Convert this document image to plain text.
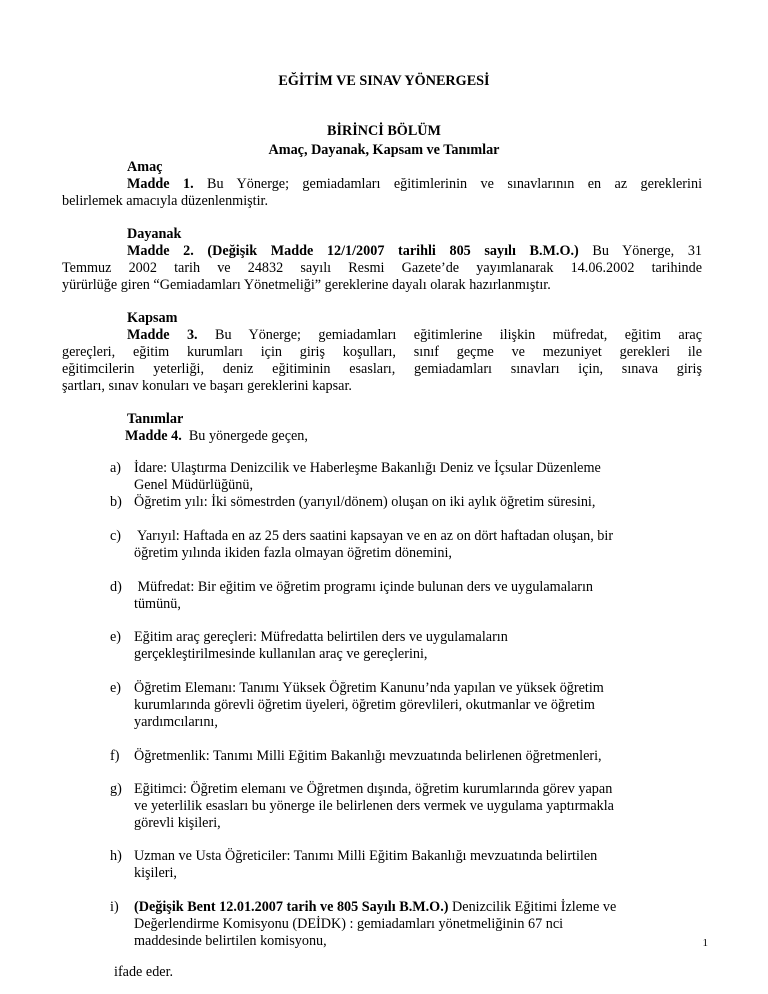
EĞİTİM VE SINAV YÖNERGESİ
BİRİNCİ BÖLÜM
Amaç, Dayanak, Kapsam ve Tanımlar
Amaç
Madde 1. Bu Yönerge; gemiadamları eğitimlerinin ve sınavlarının en az gereklerini
belirlemek amacıyla düzenlenmiştir.
Dayanak
Madde 2. (Değişik Madde 12/1/2007 tarihli 805 sayılı B.M.O.) Bu Yönerge, 31
Temmuz 2002 tarih ve 24832 sayılı Resmi Gazete’de yayımlanarak 14.06.2002 tarihinde
yürürlüğe giren “Gemiadamları Yönetmeliği” gereklerine dayalı olarak hazırlanmıştır.
Kapsam
Madde 3. Bu Yönerge; gemiadamları eğitimlerine ilişkin müfredat, eğitim araç
gereçleri, eğitim kurumları için giriş koşulları, sınıf geçme ve mezuniyet gerekleri ile
eğitimcilerin yeterliği, deniz eğitiminin esasları, gemiadamları sınavları için, sınava giriş
şartları, sınav konuları ve başarı gereklerini kapsar.
Tanımlar
Madde 4. Bu yönergede geçen,
a) İdare: Ulaştırma Denizcilik ve Haberleşme Bakanlığı Deniz ve İçsular Düzenleme
Genel Müdürlüğünü,
b) Öğretim yılı: İki sömestrden (yarıyıl/dönem) oluşan on iki aylık öğretim süresini,
c) Yarıyıl: Haftada en az 25 ders saatini kapsayan ve en az on dört haftadan oluşan, bir
öğretim yılında ikiden fazla olmayan öğretim dönemini,
d) Müfredat: Bir eğitim ve öğretim programı içinde bulunan ders ve uygulamaların
tümünü,
e) Eğitim araç gereçleri: Müfredatta belirtilen ders ve uygulamaların
gerçekleştirilmesinde kullanılan araç ve gereçlerini,
e) Öğretim Elemanı: Tanımı Yüksek Öğretim Kanunu’nda yapılan ve yüksek öğretim
kurumlarında görevli öğretim üyeleri, öğretim görevlileri, okutmanlar ve öğretim
yardımcılarını,
f) Öğretmenlik: Tanımı Milli Eğitim Bakanlığı mevzuatında belirlenen öğretmenleri,
g) Eğitimci: Öğretim elemanı ve Öğretmen dışında, öğretim kurumlarında görev yapan
ve yeterlilik esasları bu yönerge ile belirlenen ders vermek ve uygulama yaptırmakla
görevli kişileri,
h) Uzman ve Usta Öğreticiler: Tanımı Milli Eğitim Bakanlığı mevzuatında belirtilen
kişileri,
i) (Değişik Bent 12.01.2007 tarih ve 805 Sayılı B.M.O.) Denizcilik Eğitimi İzleme ve
Değerlendirme Komisyonu (DEİDK) : gemiadamları yönetmeliğinin 67 nci
maddesinde belirtilen komisyonu,
ifade eder.
1
